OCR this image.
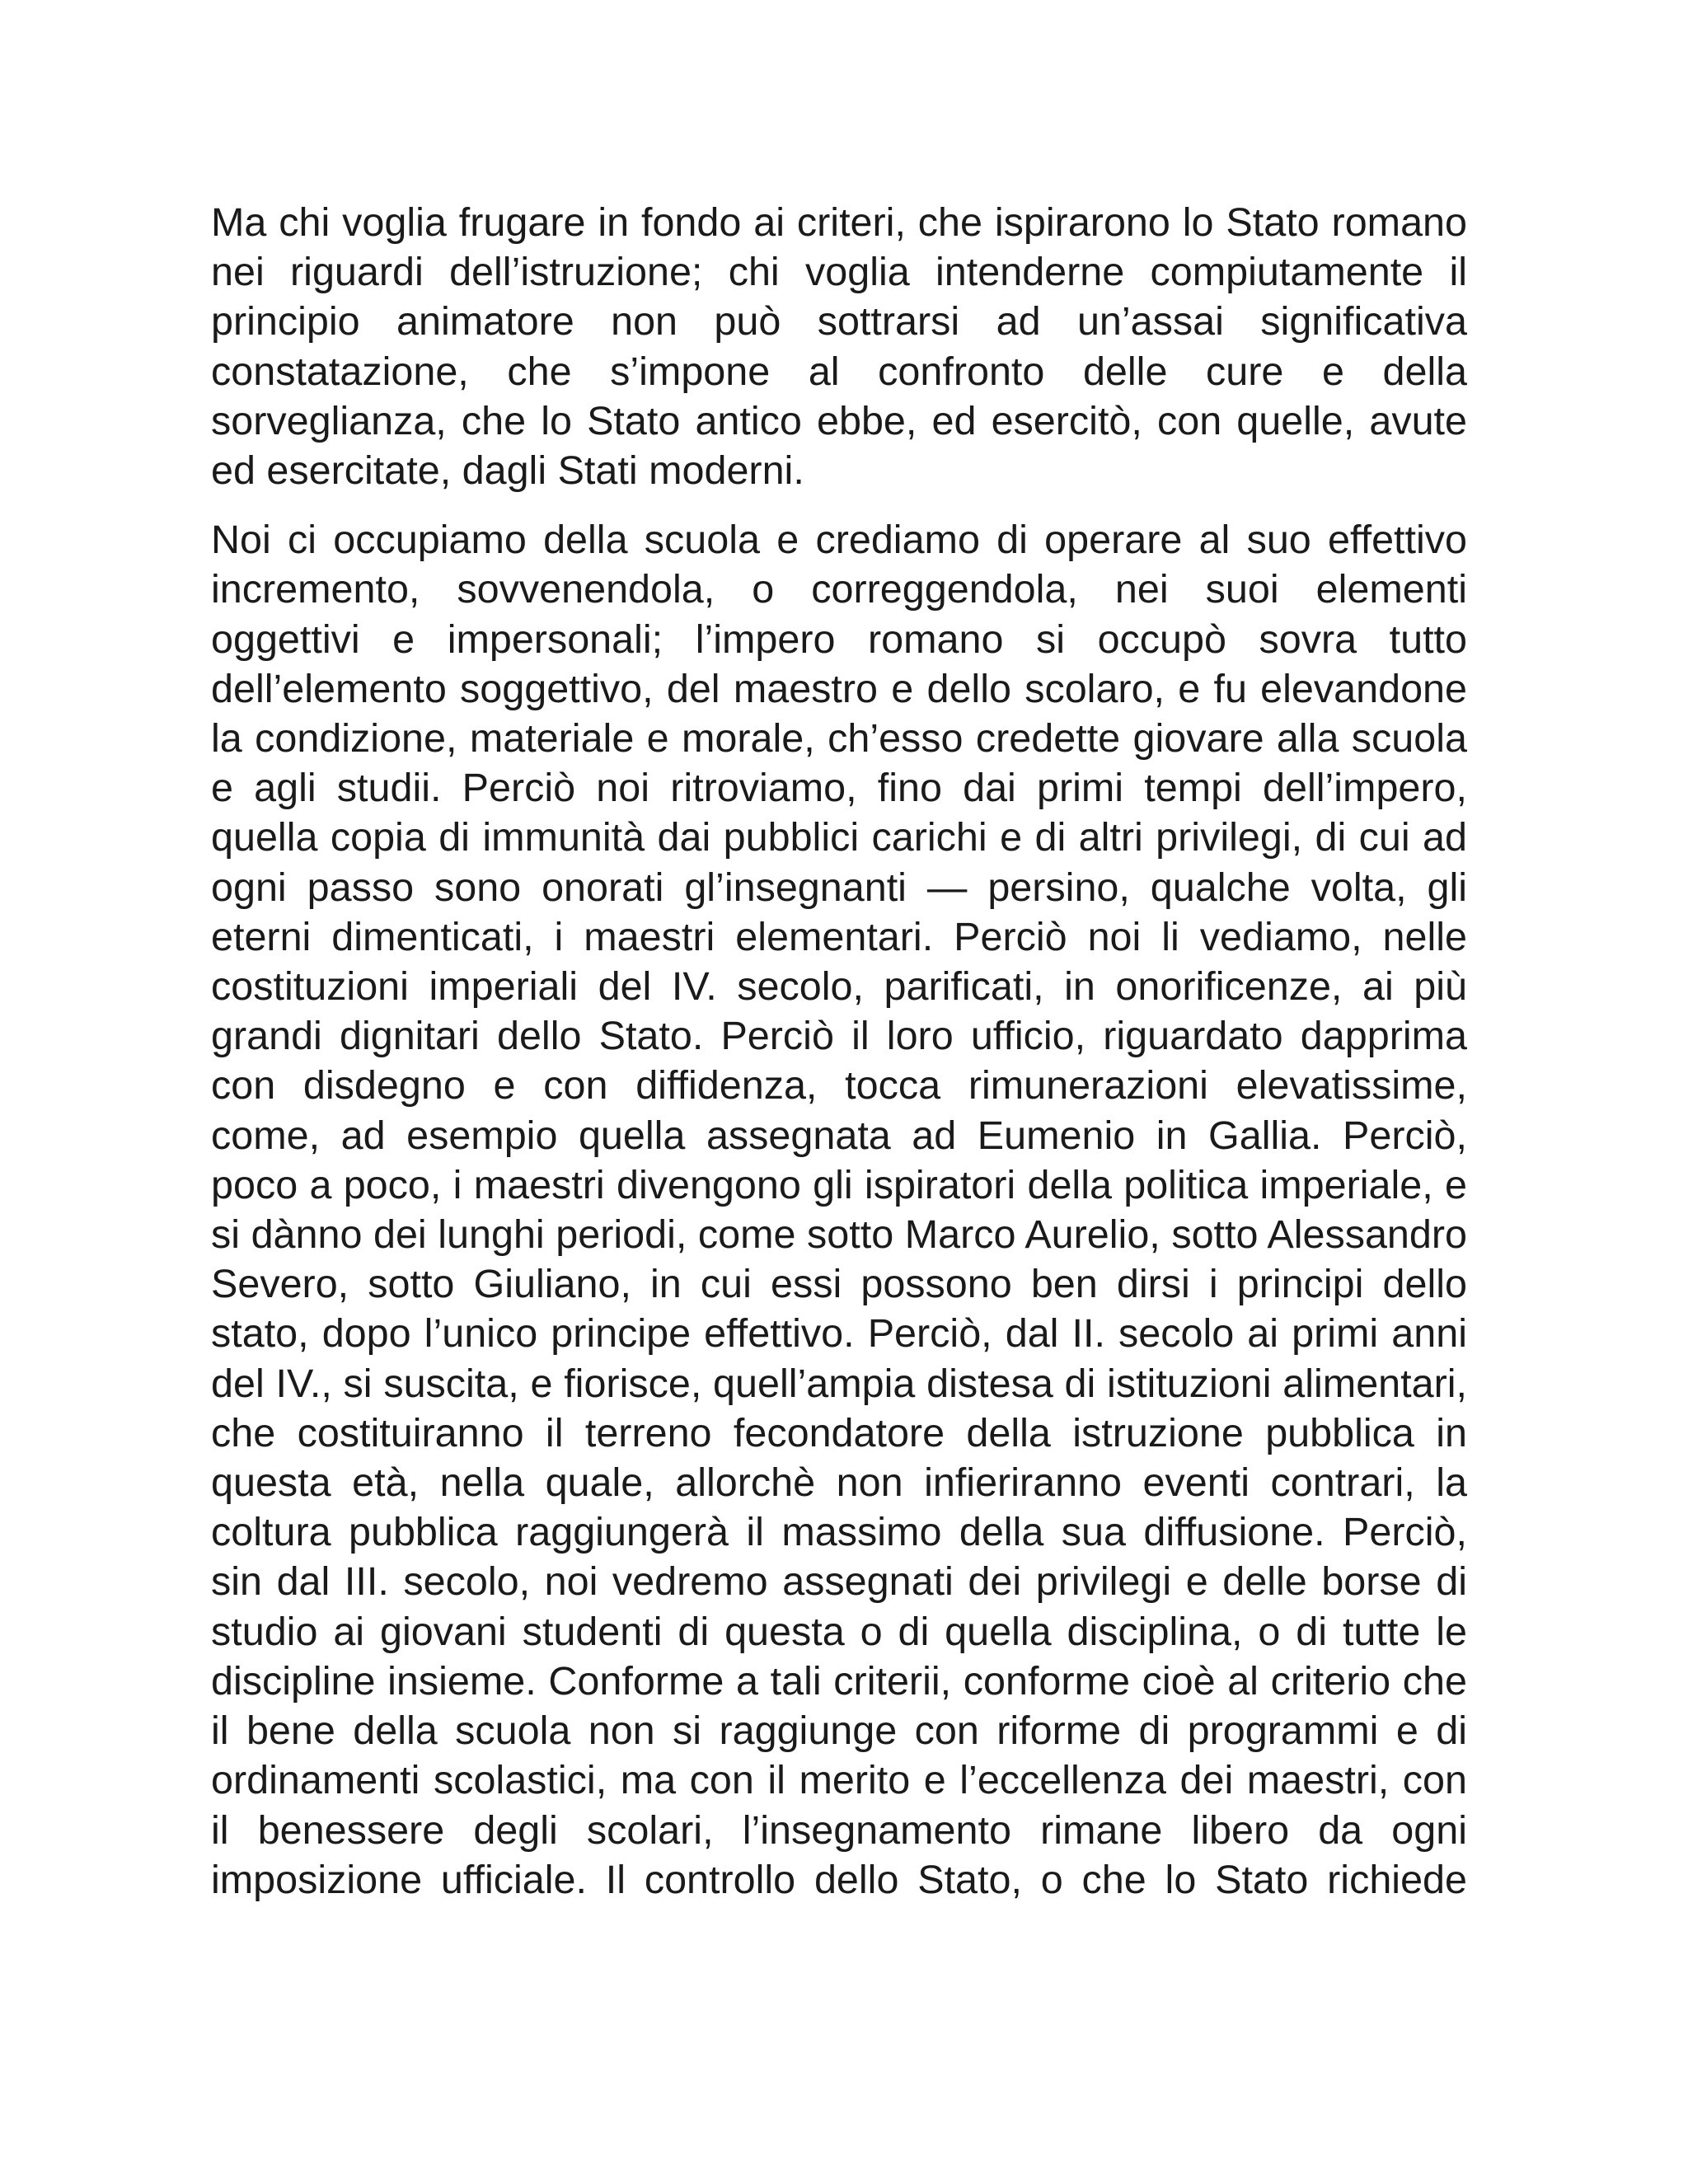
Ma chi voglia frugare in fondo ai criteri, che ispirarono lo Stato romano nei riguardi dell’istruzione; chi voglia intenderne compiutamente il principio animatore non può sottrarsi ad un’assai significativa constatazione, che s’impone al confronto delle cure e della sorveglianza, che lo Stato antico ebbe, ed esercitò, con quelle, avute ed esercitate, dagli Stati moderni.

Noi ci occupiamo della scuola e crediamo di operare al suo effettivo incremento, sovvenendola, o correggendola, nei suoi elementi oggettivi e impersonali; l’impero romano si occupò sovra tutto dell’elemento soggettivo, del maestro e dello scolaro, e fu elevandone la condizione, materiale e morale, ch’esso credette giovare alla scuola e agli studii. Perciò noi ritroviamo, fino dai primi tempi dell’impero, quella copia di immunità dai pubblici carichi e di altri privilegi, di cui ad ogni passo sono onorati gl’insegnanti — persino, qualche volta, gli eterni dimenticati, i maestri elementari. Perciò noi li vediamo, nelle costituzioni imperiali del IV. secolo, parificati, in onorificenze, ai più grandi dignitari dello Stato. Perciò il loro ufficio, riguardato dapprima con disdegno e con diffidenza, tocca rimunerazioni elevatissime, come, ad esempio quella assegnata ad Eumenio in Gallia. Perciò, poco a poco, i maestri divengono gli ispiratori della politica imperiale, e si dànno dei lunghi periodi, come sotto Marco Aurelio, sotto Alessandro Severo, sotto Giuliano, in cui essi possono ben dirsi i principi dello stato, dopo l’unico principe effettivo. Perciò, dal II. secolo ai primi anni del IV., si suscita, e fiorisce, quell’ampia distesa di istituzioni alimentari, che costituiranno il terreno fecondatore della istruzione pubblica in questa età, nella quale, allorchè non infieriranno eventi contrari, la coltura pubblica raggiungerà il massimo della sua diffusione. Perciò, sin dal III. secolo, noi vedremo assegnati dei privilegi e delle borse di studio ai giovani studenti di questa o di quella disciplina, o di tutte le discipline insieme. Conforme a tali criterii, conforme cioè al criterio che il bene della scuola non si raggiunge con riforme di programmi e di ordinamenti scolastici, ma con il merito e l’eccellenza dei maestri, con il benessere degli scolari, l’insegnamento rimane libero da ogni imposizione ufficiale. Il controllo dello Stato, o che lo Stato richiede
